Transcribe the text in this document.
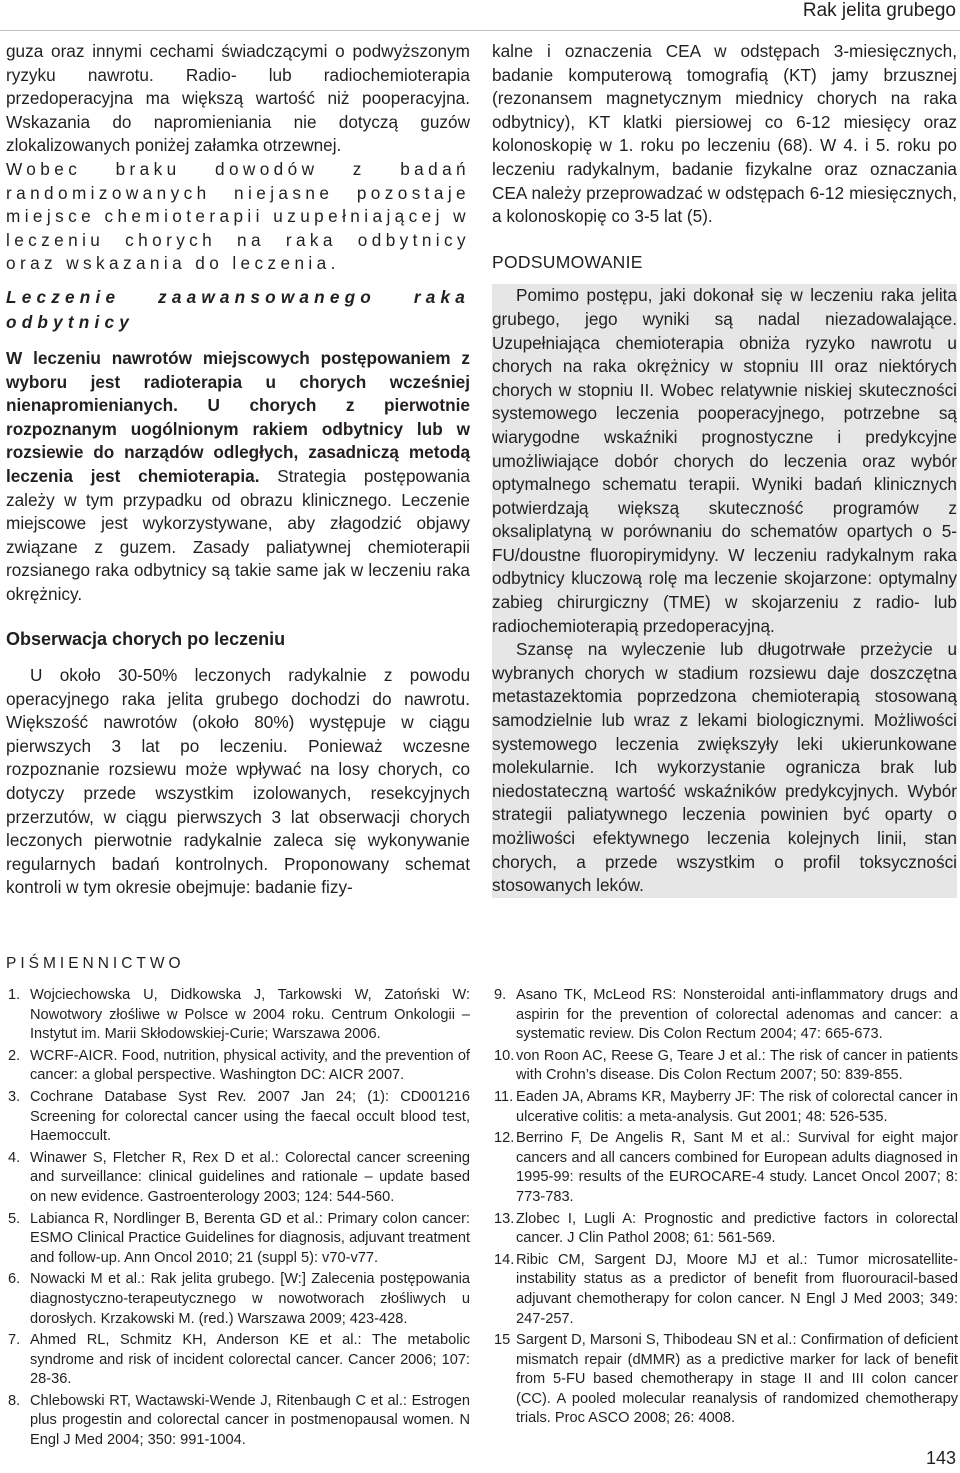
Rak jelita grubego

guza oraz innymi cechami świadczącymi o podwyższonym ryzyku nawrotu. Radio- lub radiochemioterapia przedoperacyjna ma większą wartość niż pooperacyjna. Wskazania do napromieniania nie dotyczą guzów zlokalizowanych poniżej załamka otrzewnej.

Wobec braku dowodów z badań randomizowanych niejasne pozostaje miejsce chemioterapii uzupełniającej w leczeniu chorych na raka odbytnicy oraz wskazania do leczenia.

Leczenie zaawansowanego raka odbytnicy

W leczeniu nawrotów miejscowych postępowaniem z wyboru jest radioterapia u chorych wcześniej nienapromienianych. U chorych z pierwotnie rozpoznanym uogólnionym rakiem odbytnicy lub w rozsiewie do narządów odległych, zasadniczą metodą leczenia jest chemioterapia. Strategia postępowania zależy w tym przypadku od obrazu klinicznego. Leczenie miejscowe jest wykorzystywane, aby złagodzić objawy związane z guzem. Zasady paliatywnej chemioterapii rozsianego raka odbytnicy są takie same jak w leczeniu raka okrężnicy.

Obserwacja chorych po leczeniu

U około 30-50% leczonych radykalnie z powodu operacyjnego raka jelita grubego dochodzi do nawrotu. Większość nawrotów (około 80%) występuje w ciągu pierwszych 3 lat po leczeniu. Ponieważ wczesne rozpoznanie rozsiewu może wpływać na losy chorych, co dotyczy przede wszystkim izolowanych, resekcyjnych przerzutów, w ciągu pierwszych 3 lat obserwacji chorych leczonych pierwotnie radykalnie zaleca się wykonywanie regularnych badań kontrolnych. Proponowany schemat kontroli w tym okresie obejmuje: badanie fizy-

kalne i oznaczenia CEA w odstępach 3-miesięcznych, badanie komputerową tomografią (KT) jamy brzusznej (rezonansem magnetycznym miednicy chorych na raka odbytnicy), KT klatki piersiowej co 6-12 miesięcy oraz kolonoskopię w 1. roku po leczeniu (68). W 4. i 5. roku po leczeniu radykalnym, badanie fizykalne oraz oznaczania CEA należy przeprowadzać w odstępach 6-12 miesięcznych, a kolonoskopię co 3-5 lat (5).

PODSUMOWANIE

Pomimo postępu, jaki dokonał się w leczeniu raka jelita grubego, jego wyniki są nadal niezadowalające. Uzupełniająca chemioterapia obniża ryzyko nawrotu u chorych na raka okrężnicy w stopniu III oraz niektórych chorych w stopniu II. Wobec relatywnie niskiej skuteczności systemowego leczenia pooperacyjnego, potrzebne są wiarygodne wskaźniki prognostyczne i predykcyjne umożliwiające dobór chorych do leczenia oraz wybór optymalnego schematu terapii. Wyniki badań klinicznych potwierdzają większą skuteczność programów z oksaliplatyną w porównaniu do schematów opartych o 5-FU/doustne fluoropirymidyny. W leczeniu radykalnym raka odbytnicy kluczową rolę ma leczenie skojarzone: optymalny zabieg chirurgiczny (TME) w skojarzeniu z radio- lub radiochemioterapią przedoperacyjną.

Szansę na wyleczenie lub długotrwałe przeżycie u wybranych chorych w stadium rozsiewu daje doszczętna metastazektomia poprzedzona chemioterapią stosowaną samodzielnie lub wraz z lekami biologicznymi. Możliwości systemowego leczenia zwiększyły leki ukierunkowane molekularnie. Ich wykorzystanie ogranicza brak lub niedostateczną wartość wskaźników predykcyjnych. Wybór strategii paliatywnego leczenia powinien być oparty o możliwości efektywnego leczenia kolejnych linii, stan chorych, a przede wszystkim o profil toksyczności stosowanych leków.

PIŚMIENNICTWO
1. Wojciechowska U, Didkowska J, Tarkowski W, Zatoński W: Nowotwory złośliwe w Polsce w 2004 roku. Centrum Onkologii – Instytut im. Marii Skłodowskiej-Curie; Warszawa 2006.
2. WCRF-AICR. Food, nutrition, physical activity, and the prevention of cancer: a global perspective. Washington DC: AICR 2007.
3. Cochrane Database Syst Rev. 2007 Jan 24; (1): CD001216 Screening for colorectal cancer using the faecal occult blood test, Haemoccult.
4. Winawer S, Fletcher R, Rex D et al.: Colorectal cancer screening and surveillance: clinical guidelines and rationale – update based on new evidence. Gastroenterology 2003; 124: 544-560.
5. Labianca R, Nordlinger B, Berenta GD et al.: Primary colon cancer: ESMO Clinical Practice Guidelines for diagnosis, adjuvant treatment and follow-up. Ann Oncol 2010; 21 (suppl 5): v70-v77.
6. Nowacki M et al.: Rak jelita grubego. [W:] Zalecenia postępowania diagnostyczno-terapeutycznego w nowotworach złośliwych u dorosłych. Krzakowski M. (red.) Warszawa 2009; 423-428.
7. Ahmed RL, Schmitz KH, Anderson KE et al.: The metabolic syndrome and risk of incident colorectal cancer. Cancer 2006; 107: 28-36.
8. Chlebowski RT, Wactawski-Wende J, Ritenbaugh C et al.: Estrogen plus progestin and colorectal cancer in postmenopausal women. N Engl J Med 2004; 350: 991-1004.
9. Asano TK, McLeod RS: Nonsteroidal anti-inflammatory drugs and aspirin for the prevention of colorectal adenomas and cancer: a systematic review. Dis Colon Rectum 2004; 47: 665-673.
10. von Roon AC, Reese G, Teare J et al.: The risk of cancer in patients with Crohn’s disease. Dis Colon Rectum 2007; 50: 839-855.
11. Eaden JA, Abrams KR, Mayberry JF: The risk of colorectal cancer in ulcerative colitis: a meta-analysis. Gut 2001; 48: 526-535.
12. Berrino F, De Angelis R, Sant M et al.: Survival for eight major cancers and all cancers combined for European adults diagnosed in 1995-99: results of the EUROCARE-4 study. Lancet Oncol 2007; 8: 773-783.
13. Zlobec I, Lugli A: Prognostic and predictive factors in colorectal cancer. J Clin Pathol 2008; 61: 561-569.
14. Ribic CM, Sargent DJ, Moore MJ et al.: Tumor microsatellite-instability status as a predictor of benefit from fluorouracil-based adjuvant chemotherapy for colon cancer. N Engl J Med 2003; 349: 247-257.
15 Sargent D, Marsoni S, Thibodeau SN et al.: Confirmation of deficient mismatch repair (dMMR) as a predictive marker for lack of benefit from 5-FU based chemotherapy in stage II and III colon cancer (CC). A pooled molecular reanalysis of randomized chemotherapy trials. Proc ASCO 2008; 26: 4008.
143
